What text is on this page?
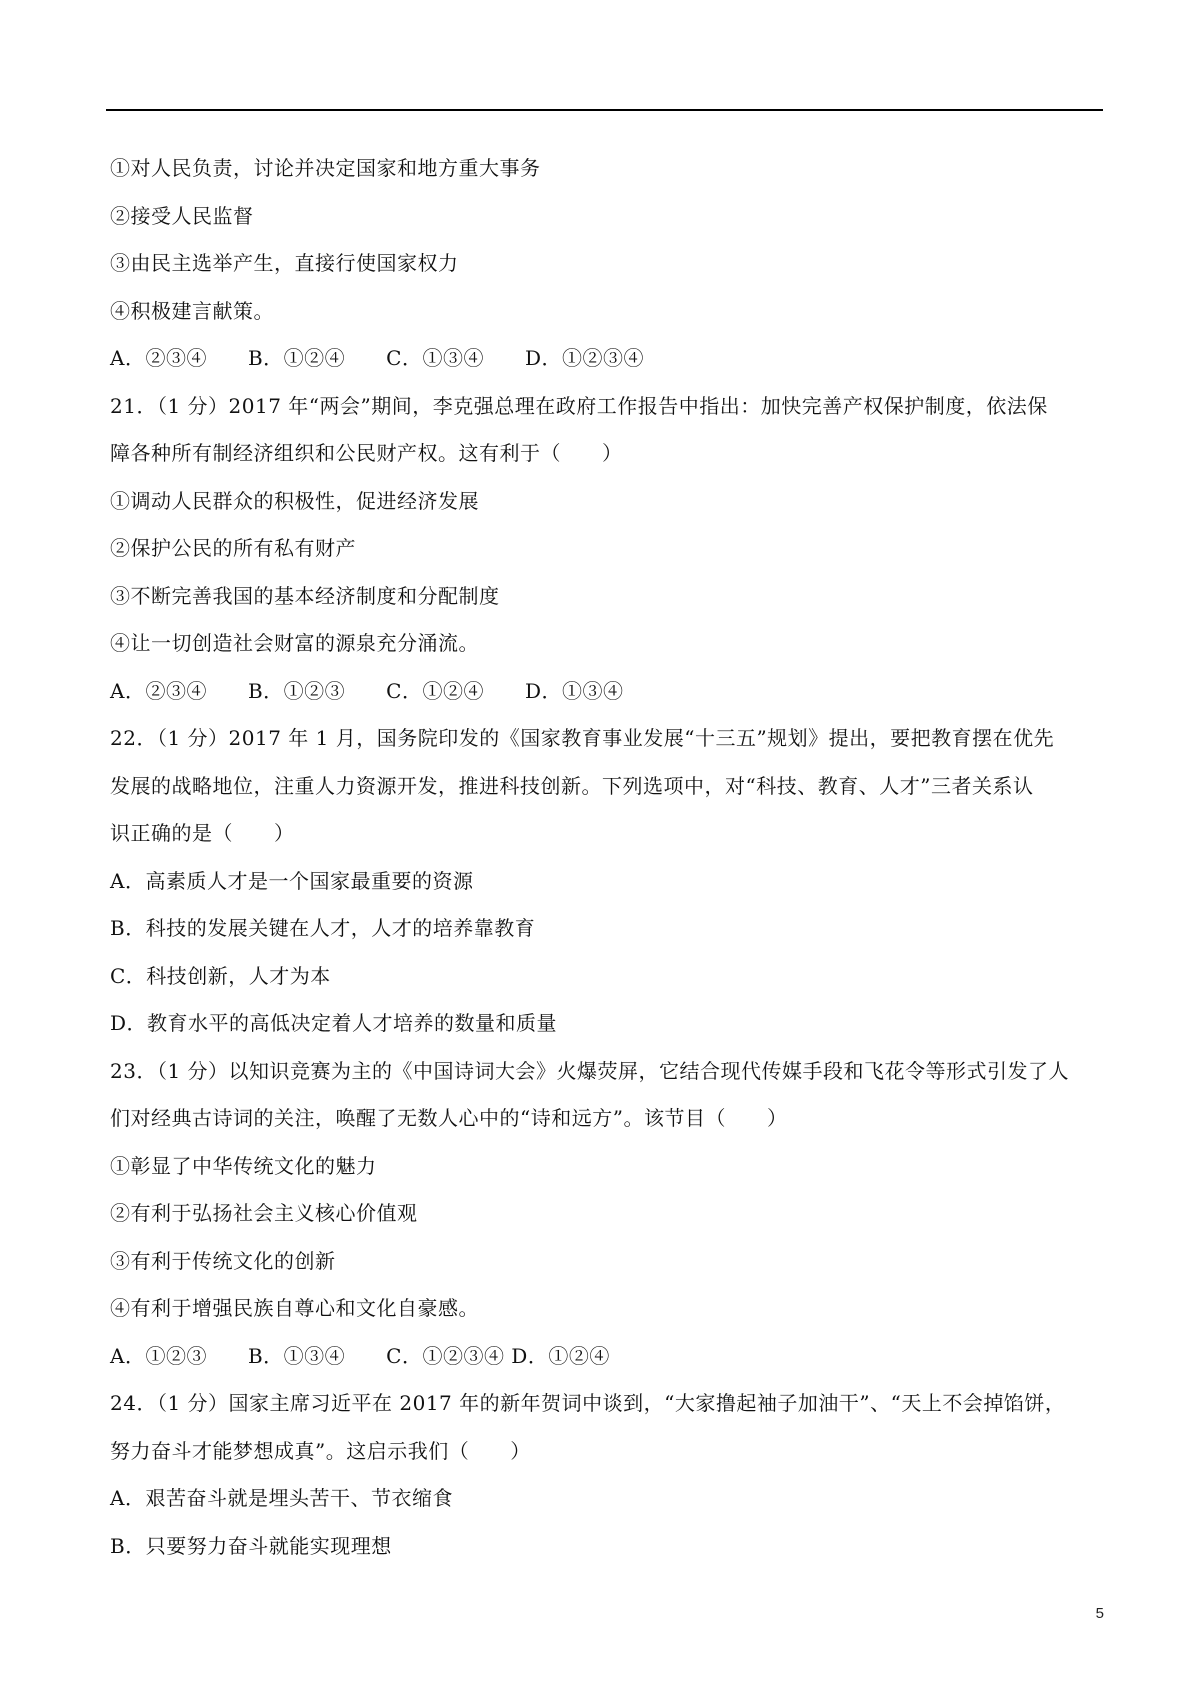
①对人民负责，讨论并决定国家和地方重大事务
②接受人民监督
③由民主选举产生，直接行使国家权力
④积极建言献策。
A．②③④　　B．①②④　　C．①③④　　D．①②③④
21．（1 分）2017 年“两会”期间，李克强总理在政府工作报告中指出：加快完善产权保护制度，依法保
障各种所有制经济组织和公民财产权。这有利于（　　）
①调动人民群众的积极性，促进经济发展
②保护公民的所有私有财产
③不断完善我国的基本经济制度和分配制度
④让一切创造社会财富的源泉充分涌流。
A．②③④　　B．①②③　　C．①②④　　D．①③④
22．（1 分）2017 年 1 月，国务院印发的《国家教育事业发展“十三五”规划》提出，要把教育摆在优先
发展的战略地位，注重人力资源开发，推进科技创新。下列选项中，对“科技、教育、人才”三者关系认
识正确的是（　　）
A．高素质人才是一个国家最重要的资源
B．科技的发展关键在人才，人才的培养靠教育
C．科技创新，人才为本
D．教育水平的高低决定着人才培养的数量和质量
23．（1 分）以知识竞赛为主的《中国诗词大会》火爆荧屏，它结合现代传媒手段和飞花令等形式引发了人
们对经典古诗词的关注，唤醒了无数人心中的“诗和远方”。该节目（　　）
①彰显了中华传统文化的魅力
②有利于弘扬社会主义核心价值观
③有利于传统文化的创新
④有利于增强民族自尊心和文化自豪感。
A．①②③　　B．①③④　　C．①②③④ D．①②④
24．（1 分）国家主席习近平在 2017 年的新年贺词中谈到，“大家撸起袖子加油干”、“天上不会掉馅饼，
努力奋斗才能梦想成真”。这启示我们（　　）
A．艰苦奋斗就是埋头苦干、节衣缩食
B．只要努力奋斗就能实现理想
5
